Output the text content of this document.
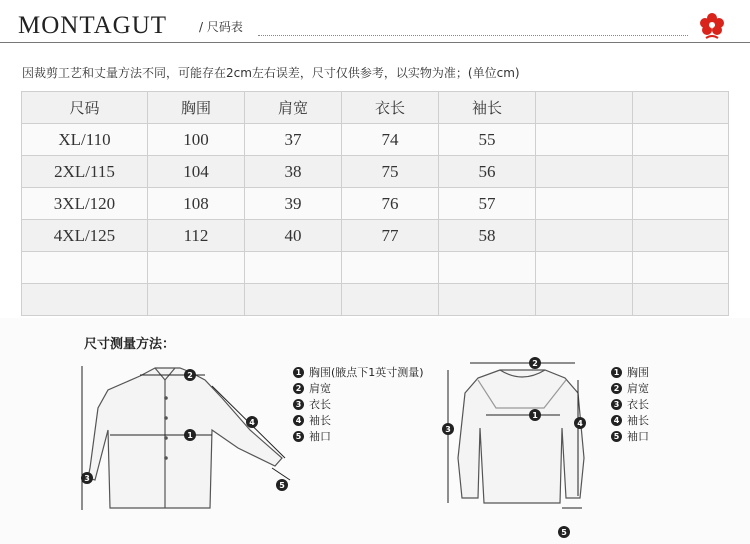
MONTAGUT	/ 尺码表
因裁剪工艺和丈量方法不同，可能存在2cm左右误差，尺寸仅供参考，以实物为准；(单位cm)
尺码	胸围	肩宽	衣长	袖长		
XL/110	100	37	74	55		
2XL/115	104	38	75	56		
3XL/120	108	39	76	57		
4XL/125	112	40	77	58		

尺寸测量方法：
1
2
3
4
5
1
2
3
4
5
1 胸围(腋点下1英寸测量)
2 肩宽
3 衣长
4 袖长
5 袖口
1 胸围
2 肩宽
3 衣长
4 袖长
5 袖口
